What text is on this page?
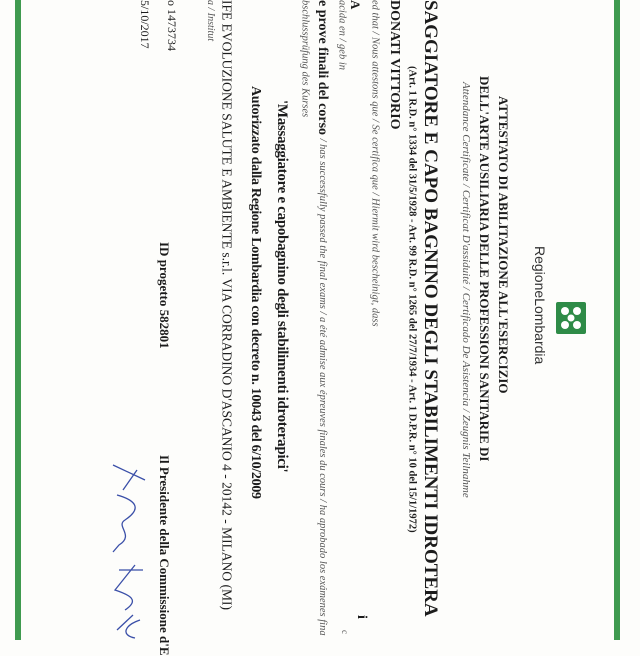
RegioneLombardia
ATTESTATO DI ABILITAZIONE ALL'ESERCIZIO
DELL'ARTE AUSILIARIA DELLE PROFESSIONI SANITARIE DI
Attendance Certificate / Certificat D'assiduité / Certificado De Asistencia / Zeugnis Teilnahme
SAGGIATORE E CAPO BAGNINO DEGLI STABILIMENTI IDROTERA
(Art. 1 R.D. n° 1334 del 31/5/1928 - Art. 99 R.D. n° 1265 del 27/7/1934 - Art. 1 D.P.R. n° 10 del 15/1/1972)
DONATI VITTORIO
ed that / Nous attestons que / Se certifica que / Hiermit wird bescheinigt, dass
A
acida en / geb in
e prove finali del corso / has successfully passed the final exams / a été admise aux épreuves finales du cours / ha aprobado los exámenes fina
bschlussprüfung des Kurses
'Massaggiatore e capobagnino degli stabilimenti idroterapici'
Autorizzato dalla Regione Lombardia con decreto n. 10043 del 6/10/2009
IFE EVOLUZIONE SALUTE E AMBIENTE s.r.l. VIA CORRADINO D'ASCANIO 4 - 20142 - MILANO (MI)
a / Institut
o 1473734
ID progetto 582801
5/10/2017
Il Presidente della Commissione d'E	i
c
